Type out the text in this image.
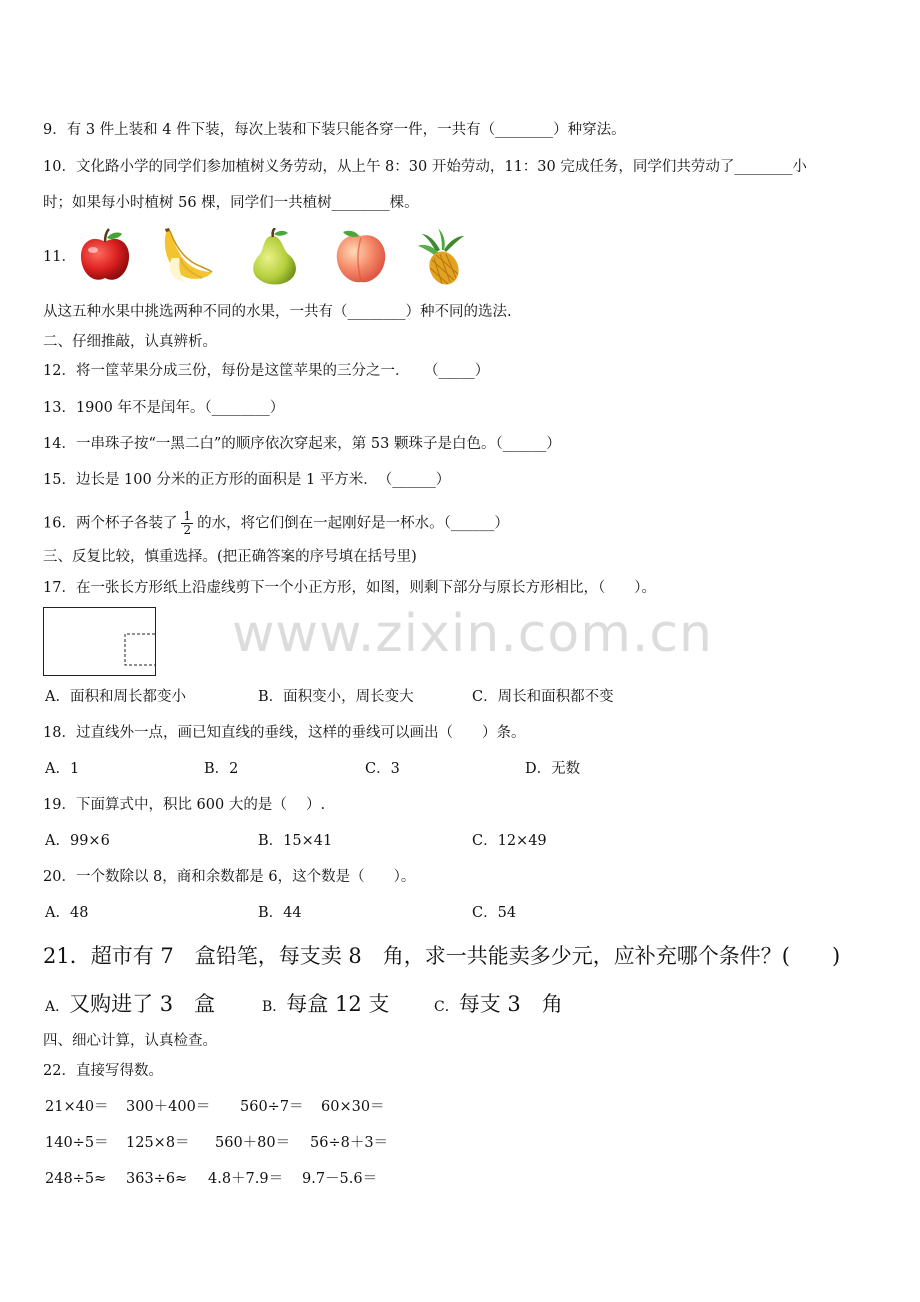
9．有 3 件上装和 4 件下装，每次上装和下装只能各穿一件，一共有（________）种穿法。
10．文化路小学的同学们参加植树义务劳动，从上午 8：30 开始劳动，11：30 完成任务，同学们共劳动了________小
时；如果每小时植树 56 棵，同学们一共植树________棵。
11．
从这五种水果中挑选两种不同的水果，一共有（________）种不同的选法.
二、仔细推敲，认真辨析。
12．将一筐苹果分成三份，每份是这筐苹果的三分之一．　　（_____）
13．1900 年不是闰年。（________）
14．一串珠子按“一黑二白”的顺序依次穿起来，第 53 颗珠子是白色。（______）
15．边长是 100 分米的正方形的面积是 1 平方米．　（______）
16．两个杯子各装了 $\frac{1}{2}$ 的水，将它们倒在一起刚好是一杯水。（______）
三、反复比较，慎重选择。(把正确答案的序号填在括号里)
17．在一张长方形纸上沿虚线剪下一个小正方形，如图，则剩下部分与原长方形相比，（　　）。
www.zixin.com.cn
A．面积和周长都变小	B．面积变小，周长变大	C．周长和面积都不变
18．过直线外一点，画已知直线的垂线，这样的垂线可以画出（　　）条。
A．1	B．2	C．3	D．无数
19．下面算式中，积比 600 大的是（　 ）.
A．99×6	B．15×41	C．12×49
20．一个数除以 8，商和余数都是 6，这个数是（　　）。
A．48	B．44	C．54
21．超市有 7　盒铅笔，每支卖 8　角，求一共能卖多少元，应补充哪个条件？(　　)
A．又购进了 3　盒	B．每盒 12 支	C．每支 3　角
四、细心计算，认真检查。
22．直接写得数。
21×40＝ 300＋400＝ 560÷7＝ 60×30＝
140÷5＝ 125×8＝ 560＋80＝ 56÷8＋3＝
248÷5≈ 363÷6≈ 4.8＋7.9＝ 9.7－5.6＝
